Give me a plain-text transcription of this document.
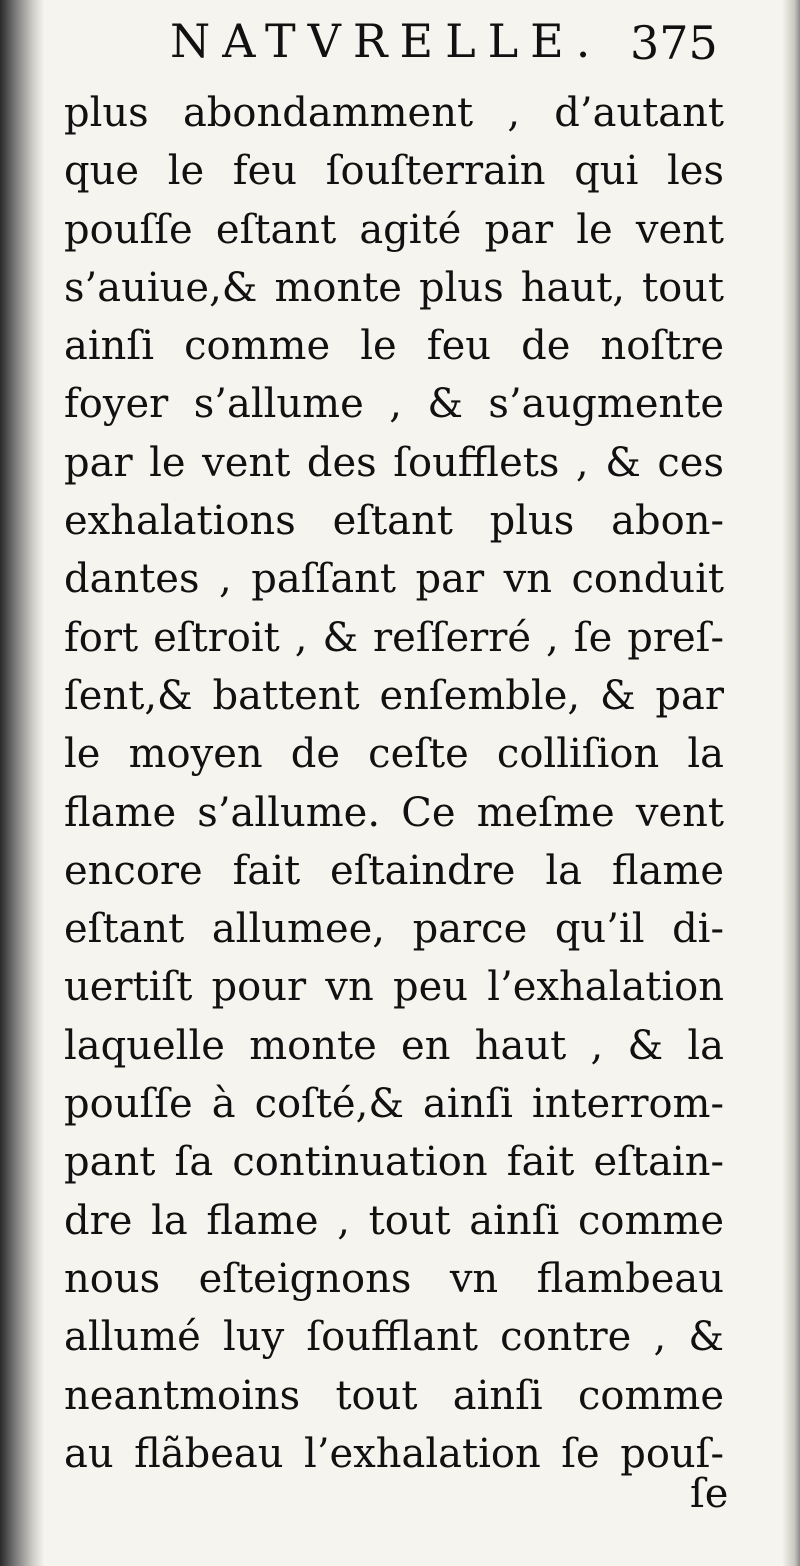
NATVRELLE. 375
plus abondamment , d’autant
que le feu ſouſterrain qui les
pouſſe eſtant agité par le vent
s’auiue,& monte plus haut, tout
ainſi comme le feu de noſtre
foyer s’allume , & s’augmente
par le vent des ſoufflets , & ces
exhalations eſtant plus abon-
dantes , paſſant par vn conduit
fort eſtroit , & reſſerré , ſe preſ-
ſent,& battent enſemble, & par
le moyen de ceſte colliſion la
flame s’allume. Ce meſme vent
encore fait eſtaindre la flame
eſtant allumee, parce qu’il di-
uertiſt pour vn peu l’exhalation
laquelle monte en haut , & la
pouſſe à coſté,& ainſi interrom-
pant ſa continuation fait eſtain-
dre la flame , tout ainſi comme
nous eſteignons vn flambeau
allumé luy ſoufflant contre , &
neantmoins tout ainſi comme
au flãbeau l’exhalation ſe pouſ-
ſe
